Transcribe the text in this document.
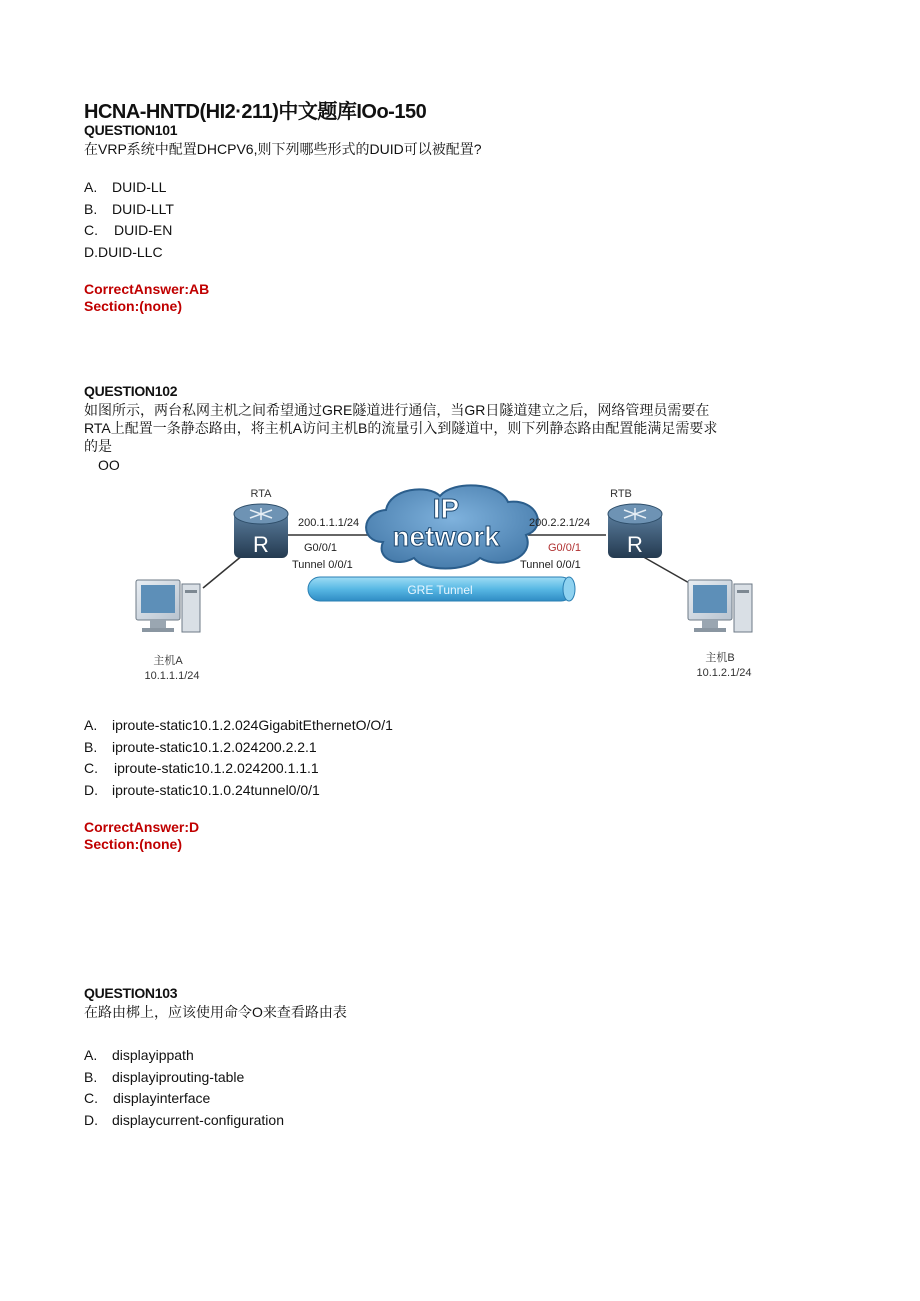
HCNA-HNTD(HI2·211)中文题库IOo-150
QUESTION101
在VRP系统中配置DHCPV6,则下列哪些形式的DUID可以被配置?
A. DUID-LL
B. DUID-LLT
C. DUID-EN
D.DUID-LLC
CorrectAnswer:AB
Section:(none)
QUESTION102
如图所示，两台私网主机之间希望通过GRE隧道进行通信，当GR日隧道建立之后，网络管理员需要在
RTA上配置一条静态路由，将主机A访问主机B的流量引入到隧道中，则下列静态路由配置能满足需要求
的是
OO
GRE Tunnel
IP
network
RTA
R
RTB
R
200.1.1.1/24
G0/0/1
Tunnel 0/0/1
200.2.2.1/24
G0/0/1
Tunnel 0/0/1
主机A
10.1.1.1/24
主机B
10.1.2.1/24
A. iproute-static10.1.2.024GigabitEthernetO/O/1
B. iproute-static10.1.2.024200.2.2.1
C. iproute-static10.1.2.024200.1.1.1
D. iproute-static10.1.0.24tunnel0/0/1
CorrectAnswer:D
Section:(none)
QUESTION103
在路由梆上，应该使用命令O来查看路由表
A. displayippath
B. displayiprouting-table
C. displayinterface
D. displaycurrent-configuration
